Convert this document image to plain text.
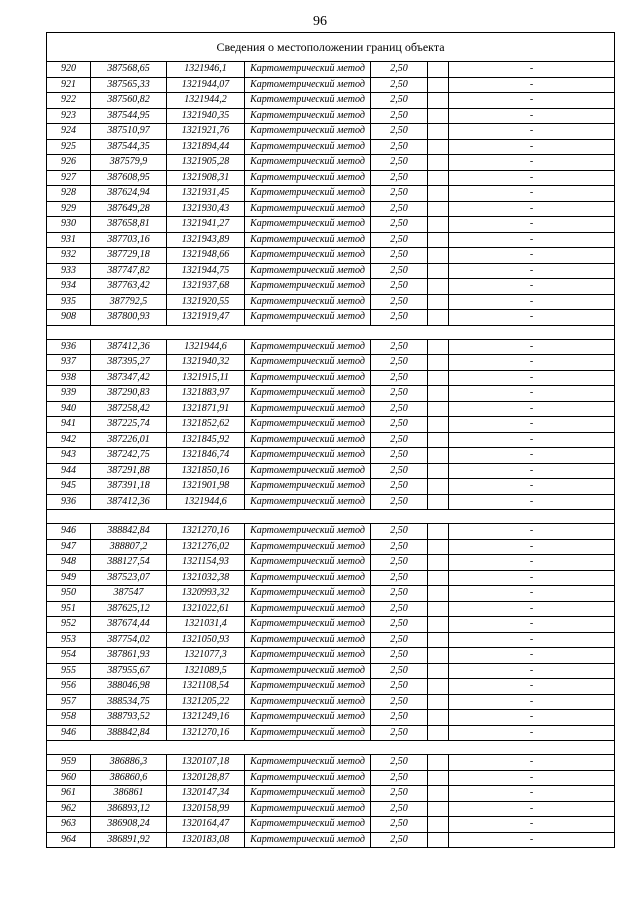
96
Сведения о местоположении границ объекта
920	387568,65	1321946,1	Картометрический метод	2,50	-
921	387565,33	1321944,07	Картометрический метод	2,50	-
922	387560,82	1321944,2	Картометрический метод	2,50	-
923	387544,95	1321940,35	Картометрический метод	2,50	-
924	387510,97	1321921,76	Картометрический метод	2,50	-
925	387544,35	1321894,44	Картометрический метод	2,50	-
926	387579,9	1321905,28	Картометрический метод	2,50	-
927	387608,95	1321908,31	Картометрический метод	2,50	-
928	387624,94	1321931,45	Картометрический метод	2,50	-
929	387649,28	1321930,43	Картометрический метод	2,50	-
930	387658,81	1321941,27	Картометрический метод	2,50	-
931	387703,16	1321943,89	Картометрический метод	2,50	-
932	387729,18	1321948,66	Картометрический метод	2,50	-
933	387747,82	1321944,75	Картометрический метод	2,50	-
934	387763,42	1321937,68	Картометрический метод	2,50	-
935	387792,5	1321920,55	Картометрический метод	2,50	-
908	387800,93	1321919,47	Картометрический метод	2,50	-
936	387412,36	1321944,6	Картометрический метод	2,50	-
937	387395,27	1321940,32	Картометрический метод	2,50	-
938	387347,42	1321915,11	Картометрический метод	2,50	-
939	387290,83	1321883,97	Картометрический метод	2,50	-
940	387258,42	1321871,91	Картометрический метод	2,50	-
941	387225,74	1321852,62	Картометрический метод	2,50	-
942	387226,01	1321845,92	Картометрический метод	2,50	-
943	387242,75	1321846,74	Картометрический метод	2,50	-
944	387291,88	1321850,16	Картометрический метод	2,50	-
945	387391,18	1321901,98	Картометрический метод	2,50	-
936	387412,36	1321944,6	Картометрический метод	2,50	-
946	388842,84	1321270,16	Картометрический метод	2,50	-
947	388807,2	1321276,02	Картометрический метод	2,50	-
948	388127,54	1321154,93	Картометрический метод	2,50	-
949	387523,07	1321032,38	Картометрический метод	2,50	-
950	387547	1320993,32	Картометрический метод	2,50	-
951	387625,12	1321022,61	Картометрический метод	2,50	-
952	387674,44	1321031,4	Картометрический метод	2,50	-
953	387754,02	1321050,93	Картометрический метод	2,50	-
954	387861,93	1321077,3	Картометрический метод	2,50	-
955	387955,67	1321089,5	Картометрический метод	2,50	-
956	388046,98	1321108,54	Картометрический метод	2,50	-
957	388534,75	1321205,22	Картометрический метод	2,50	-
958	388793,52	1321249,16	Картометрический метод	2,50	-
946	388842,84	1321270,16	Картометрический метод	2,50	-
959	386886,3	1320107,18	Картометрический метод	2,50	-
960	386860,6	1320128,87	Картометрический метод	2,50	-
961	386861	1320147,34	Картометрический метод	2,50	-
962	386893,12	1320158,99	Картометрический метод	2,50	-
963	386908,24	1320164,47	Картометрический метод	2,50	-
964	386891,92	1320183,08	Картометрический метод	2,50	-
